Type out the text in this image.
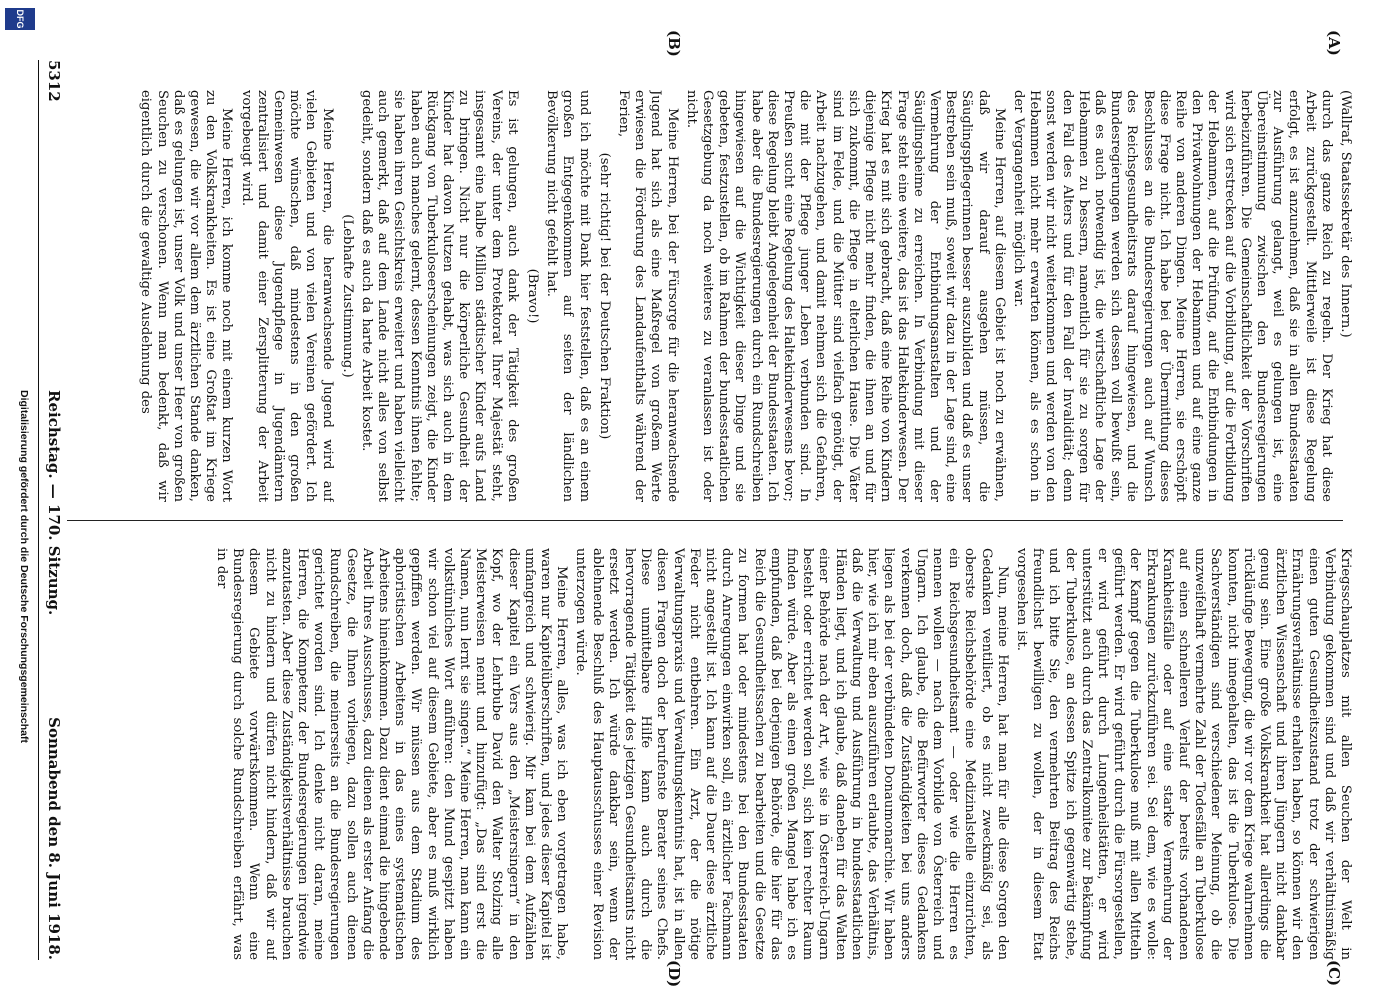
5312
Reichstag. — 170. Sitzung.
Sonnabend den 8. Juni 1918.
(A)
(B)
(C)
(D)

(Wallraf, Staatssekretär des Innern.)

durch das ganze Reich zu regeln. Der Krieg hat diese Arbeit zurückgestellt. Mittlerweile ist diese Regelung erfolgt, es ist anzunehmen, daß sie in allen Bundesstaaten zur Ausführung gelangt, weil es gelungen ist, eine Übereinstimmung zwischen den Bundesregierungen herbeizuführen. Die Gemeinschaftlichkeit der Vorschriften wird sich erstrecken auf die Vorbildung, auf die Fortbildung der Hebammen, auf die Prüfung, auf die Entbindungen in den Privatwohnungen der Hebammen und auf eine ganze Reihe von anderen Dingen. Meine Herren, sie erschöpft diese Frage nicht. Ich habe bei der Übermittlung dieses Beschlusses an die Bundesregierungen auch auf Wunsch des Reichsgesundheitsrats darauf hingewiesen, und die Bundesregierungen werden sich dessen voll bewußt sein, daß es auch notwendig ist, die wirtschaftliche Lage der Hebammen zu bessern, namentlich für sie zu sorgen für den Fall des Alters und für den Fall der Invalidität; denn sonst werden wir nicht weiterkommen und werden von den Hebammen nicht mehr erwarten können, als es schon in der Vergangenheit möglich war.

Meine Herren, auf diesem Gebiet ist noch zu erwähnen, daß wir darauf ausgehen müssen, die Säuglingspflegerinnen besser auszubilden und daß es unser Bestreben sein muß, soweit wir dazu in der Lage sind, eine Vermehrung der Entbindungsanstalten und der Säuglingsheime zu erreichen. In Verbindung mit dieser Frage steht eine weitere, das ist das Haltekinderwesen. Der Krieg hat es mit sich gebracht, daß eine Reihe von Kindern diejenige Pflege nicht mehr finden, die ihnen an und für sich zukommt, die Pflege in elterlichen Hause. Die Väter sind im Felde, und die Mütter sind vielfach genötigt, der Arbeit nachzugehen, und damit nehmen sich die Gefahren, die mit der Pflege junger Leben verbunden sind. In Preußen sucht eine Regelung des Haltekinderwesens bevor; diese Regelung bleibt Angelegenheit der Bundesstaaten. Ich habe aber die Bundesregierungen durch ein Rundschreiben hingewiesen auf die Wichtigkeit dieser Dinge und sie gebeten, festzustellen, ob im Rahmen der bundesstaatlichen Gesetzgebung da noch weiteres zu veranlassen ist oder nicht.

Meine Herren, bei der Fürsorge für die heranwachsende Jugend hat sich als eine Maßregel von großem Werte erwiesen die Förderung des Landaufenthalts während der Ferien,

(sehr richtig! bei der Deutschen Fraktion)

und ich möchte mit Dank hier feststellen, daß es an einem großen Entgegenkommen auf seiten der ländlichen Bevölkerung nicht gefehlt hat.

(Bravo!)

Es ist gelungen, auch dank der Tätigkeit des großen Vereins, der unter dem Protektorat Ihrer Majestät steht, insgesamt eine halbe Million städtischer Kinder aufs Land zu bringen. Nicht nur die körperliche Gesundheit der Kinder hat davon Nutzen gehabt, was sich auch in dem Rückgang von Tuberkuloseerscheinungen zeigt, die Kinder haben auch manches gelernt, dessen Kenntnis ihnen fehlte; sie haben ihren Gesichtskreis erweitert und haben vielleicht auch gemerkt, daß auf dem Lande nicht alles von selbst gedeiht, sondern daß es auch da harte Arbeit kostet.

(Lebhafte Zustimmung.)

Meine Herren, die heranwachsende Jugend wird auf vielen Gebieten und von vielen Vereinen gefördert. Ich möchte wünschen, daß mindestens in den großen Gemeinwesen diese Jugendpflege in Jugendämtern zentralisiert und damit einer Zersplitterung der Arbeit vorgebeugt wird.

Meine Herren, ich komme noch mit einem kurzen Wort zu den Volkskrankheiten. Es ist eine Großtat im Kriege gewesen, die wir vor allem dem ärztlichen Stande danken, daß es gelungen ist, unser Volk und unser Heer von großen Seuchen zu verschonen. Wenn man bedenkt, daß wir eigentlich durch die gewaltige Ausdehnung des

Kriegsschauplatzes mit allen Seuchen der Welt in Verbindung gekommen sind und daß wir verhältnismäßig einen guten Gesundheitszustand trotz der schwierigen Ernährungsverhältnisse erhalten haben, so können wir den ärztlichen Wissenschaft und ihren Jüngern nicht dankbar genug sein. Eine große Volkskrankheit hat allerdings die rückläufige Bewegung, die wir vor dem Kriege wahrnehmen konnten, nicht innegehalten, das ist die Tuberkulose. Die Sachverständigen sind verschiedener Meinung, ob die unzweifelhaft vermehrte Zahl der Todesfälle an Tuberkulose auf einen schnelleren Verlauf der bereits vorhandenen Krankheitsfälle oder auf eine starke Vermehrung der Erkrankungen zurückzuführen sei. Sei dem, wie es wolle: der Kampf gegen die Tuberkulose muß mit allen Mitteln geführt werden. Er wird geführt durch die Fürsorgestellen, er wird geführt durch Lungenheilstätten, er wird unterstützt auch durch das Zentralkomitee zur Bekämpfung der Tuberkulose, an dessen Spitze ich gegenwärtig stehe, und ich bitte Sie, den vermehrten Beitrag des Reichs freundlichst bewilligen zu wollen, der in diesem Etat vorgesehen ist.

Nun, meine Herren, hat man für alle diese Sorgen den Gedanken ventiliert, ob es nicht zweckmäßig sei, als oberste Reichsbehörde eine Medizinalstelle einzurichten, ein Reichsgesundheitsamt — oder wie die Herren es nennen wollen — nach dem Vorbilde von Österreich und Ungarn. Ich glaube, die Befürworter dieses Gedankens verkennen doch, daß die Zuständigkeiten bei uns anders liegen als bei der verbündeten Donaumonarchie. Wir haben hier, wie ich mir eben auszuführen erlaubte, das Verhältnis, daß die Verwaltung und Ausführung in bundesstaatlichen Händen liegt, und ich glaube, daß daneben für das Walten einer Behörde nach der Art, wie sie in Österreich-Ungarn besteht oder errichtet werden soll, sich kein rechter Raum finden würde. Aber als einen großen Mangel habe ich es empfunden, daß bei derjenigen Behörde, die hier für das Reich die Gesundheitssachen zu bearbeiten und die Gesetze zu formen hat oder mindestens bei den Bundesstaaten durch Anregungen einwirken soll, ein ärztlicher Fachmann nicht angestellt ist. Ich kann auf die Dauer diese ärztliche Feder nicht entbehren. Ein Arzt, der die nötige Verwaltungspraxis und Verwaltungskenntnis hat, ist in allen diesen Fragen doch der berufenste Berater seines Chefs. Diese unmittelbare Hilfe kann auch durch die hervorragende Tätigkeit des jetzigen Gesundheitsamts nicht ersetzt werden. Ich würde dankbar sein, wenn der ablehnende Beschluß des Hauptausschusses einer Revision unterzogen würde.

Meine Herren, alles, was ich eben vorgetragen habe, waren nur Kapitelüberschriften, und jedes dieser Kapitel ist umfangreich und schwierig. Mir kam bei dem Aufzählen dieser Kapitel ein Vers aus den „Meistersingern“ in den Kopf, wo der Lehrbube David den Walter Stolzing alle Meisterweisen nennt und hinzufügt: „Das sind erst die Namen, nun lernt sie singen.“ Meine Herren, man kann ein volkstümliches Wort anführen: den Mund gespitzt haben wir schon viel auf diesem Gebiete, aber es muß wirklich gepfiffen werden. Wir müssen aus dem Stadium des aphoristischen Arbeitens in das eines systematischen Arbeitens hineinkommen. Dazu dient einmal die hingebende Arbeit Ihres Ausschusses, dazu dienen als erster Anfang die Gesetze, die Ihnen vorliegen, dazu sollen auch dienen Rundschreiben, die meinerseits an die Bundesregierungen gerichtet worden sind. Ich denke nicht daran, meine Herren, die Kompetenz der Bundesregierungen irgendwie anzutasten. Aber diese Zuständigkeitsverhältnisse brauchen nicht zu hindern und dürfen nicht hindern, daß wir auf diesem Gebiete vorwärtskommen. Wenn eine Bundesregierung durch solche Rundschreiben erfährt, was in der

DFG
Digitalisierung gefördert durch die Deutsche Forschungsgemeinschaft
